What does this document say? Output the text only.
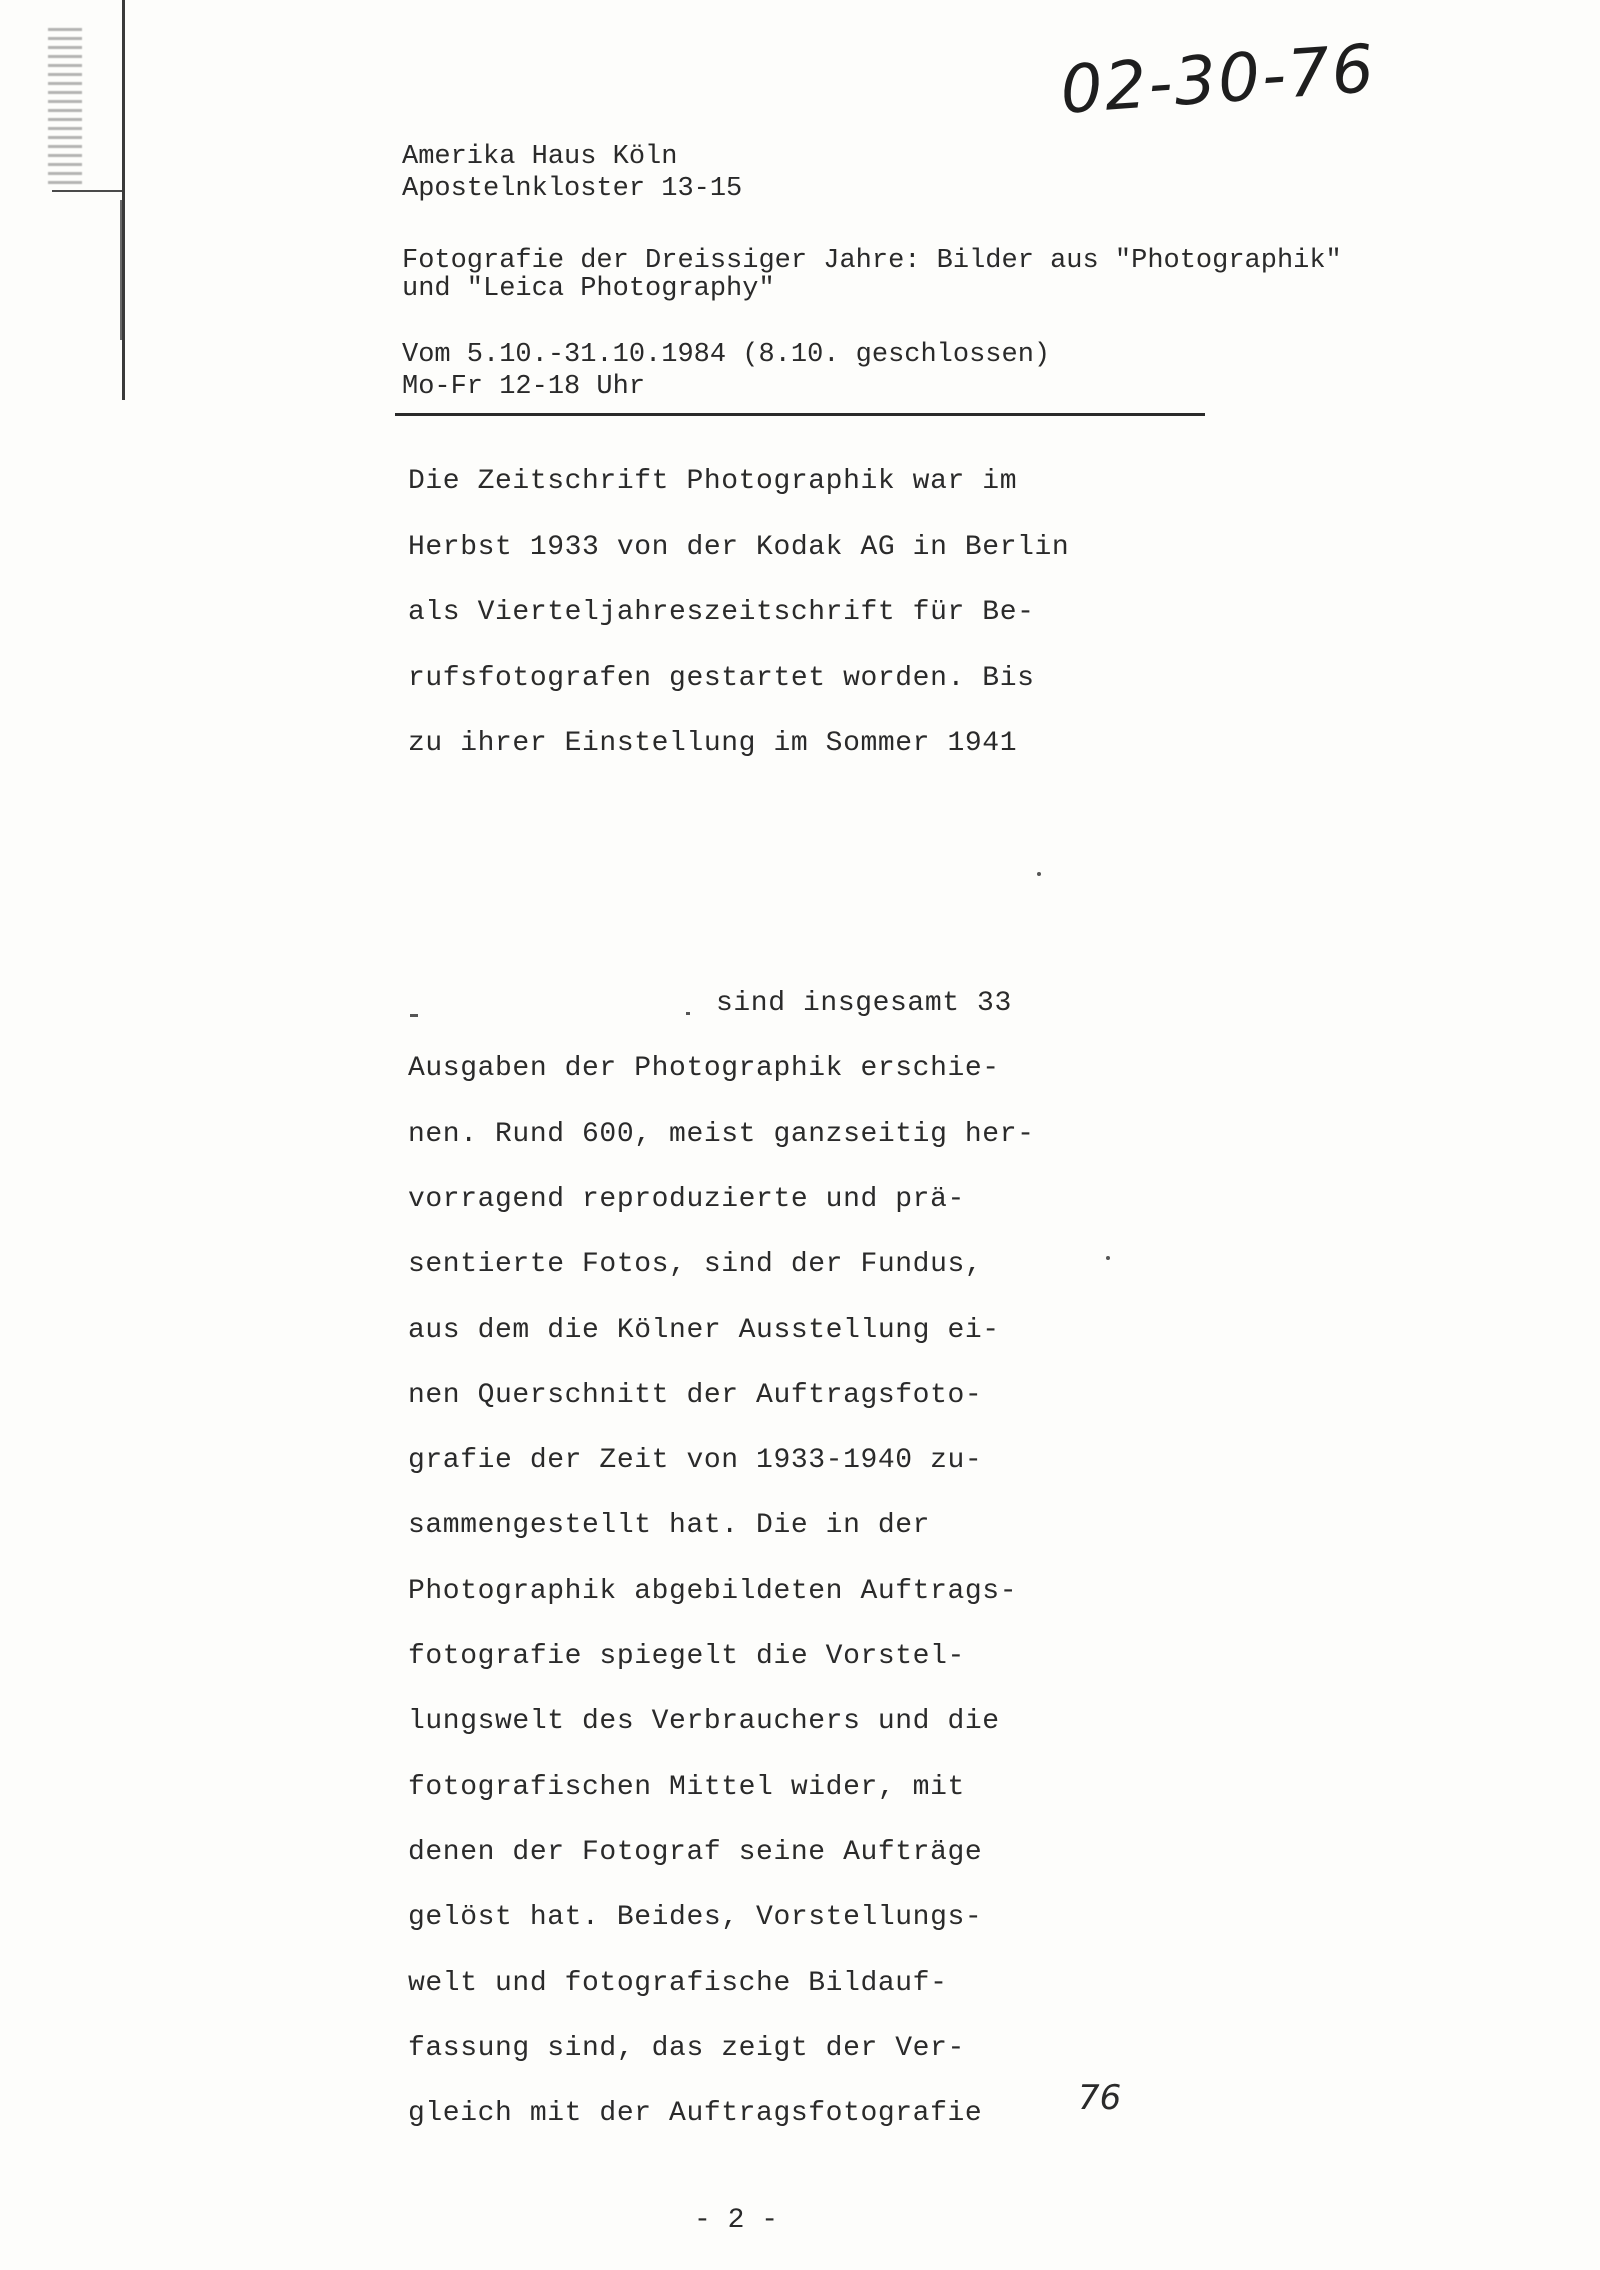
02-30-76
Amerika Haus Köln
Apostelnkloster 13-15
Fotografie der Dreissiger Jahre: Bilder aus "Photographik"
und "Leica Photography"
Vom 5.10.-31.10.1984 (8.10. geschlossen)
Mo-Fr 12-18 Uhr
Die Zeitschrift Photographik war im
Herbst 1933 von der Kodak AG in Berlin
als Vierteljahreszeitschrift für Be-
rufsfotografen gestartet worden. Bis
zu ihrer Einstellung im Sommer 1941
sind insgesamt 33
Ausgaben der Photographik erschie-
nen. Rund 600, meist ganzseitig her-
vorragend reproduzierte und prä-
sentierte Fotos, sind der Fundus,
aus dem die Kölner Ausstellung ei-
nen Querschnitt der Auftragsfoto-
grafie der Zeit von 1933-1940 zu-
sammengestellt hat. Die in der
Photographik abgebildeten Auftrags-
fotografie spiegelt die Vorstel-
lungswelt des Verbrauchers und die
fotografischen Mittel wider, mit
denen der Fotograf seine Aufträge
gelöst hat. Beides, Vorstellungs-
welt und fotografische Bildauf-
fassung sind, das zeigt der Ver-
gleich mit der Auftragsfotografie	76
- 2 -
